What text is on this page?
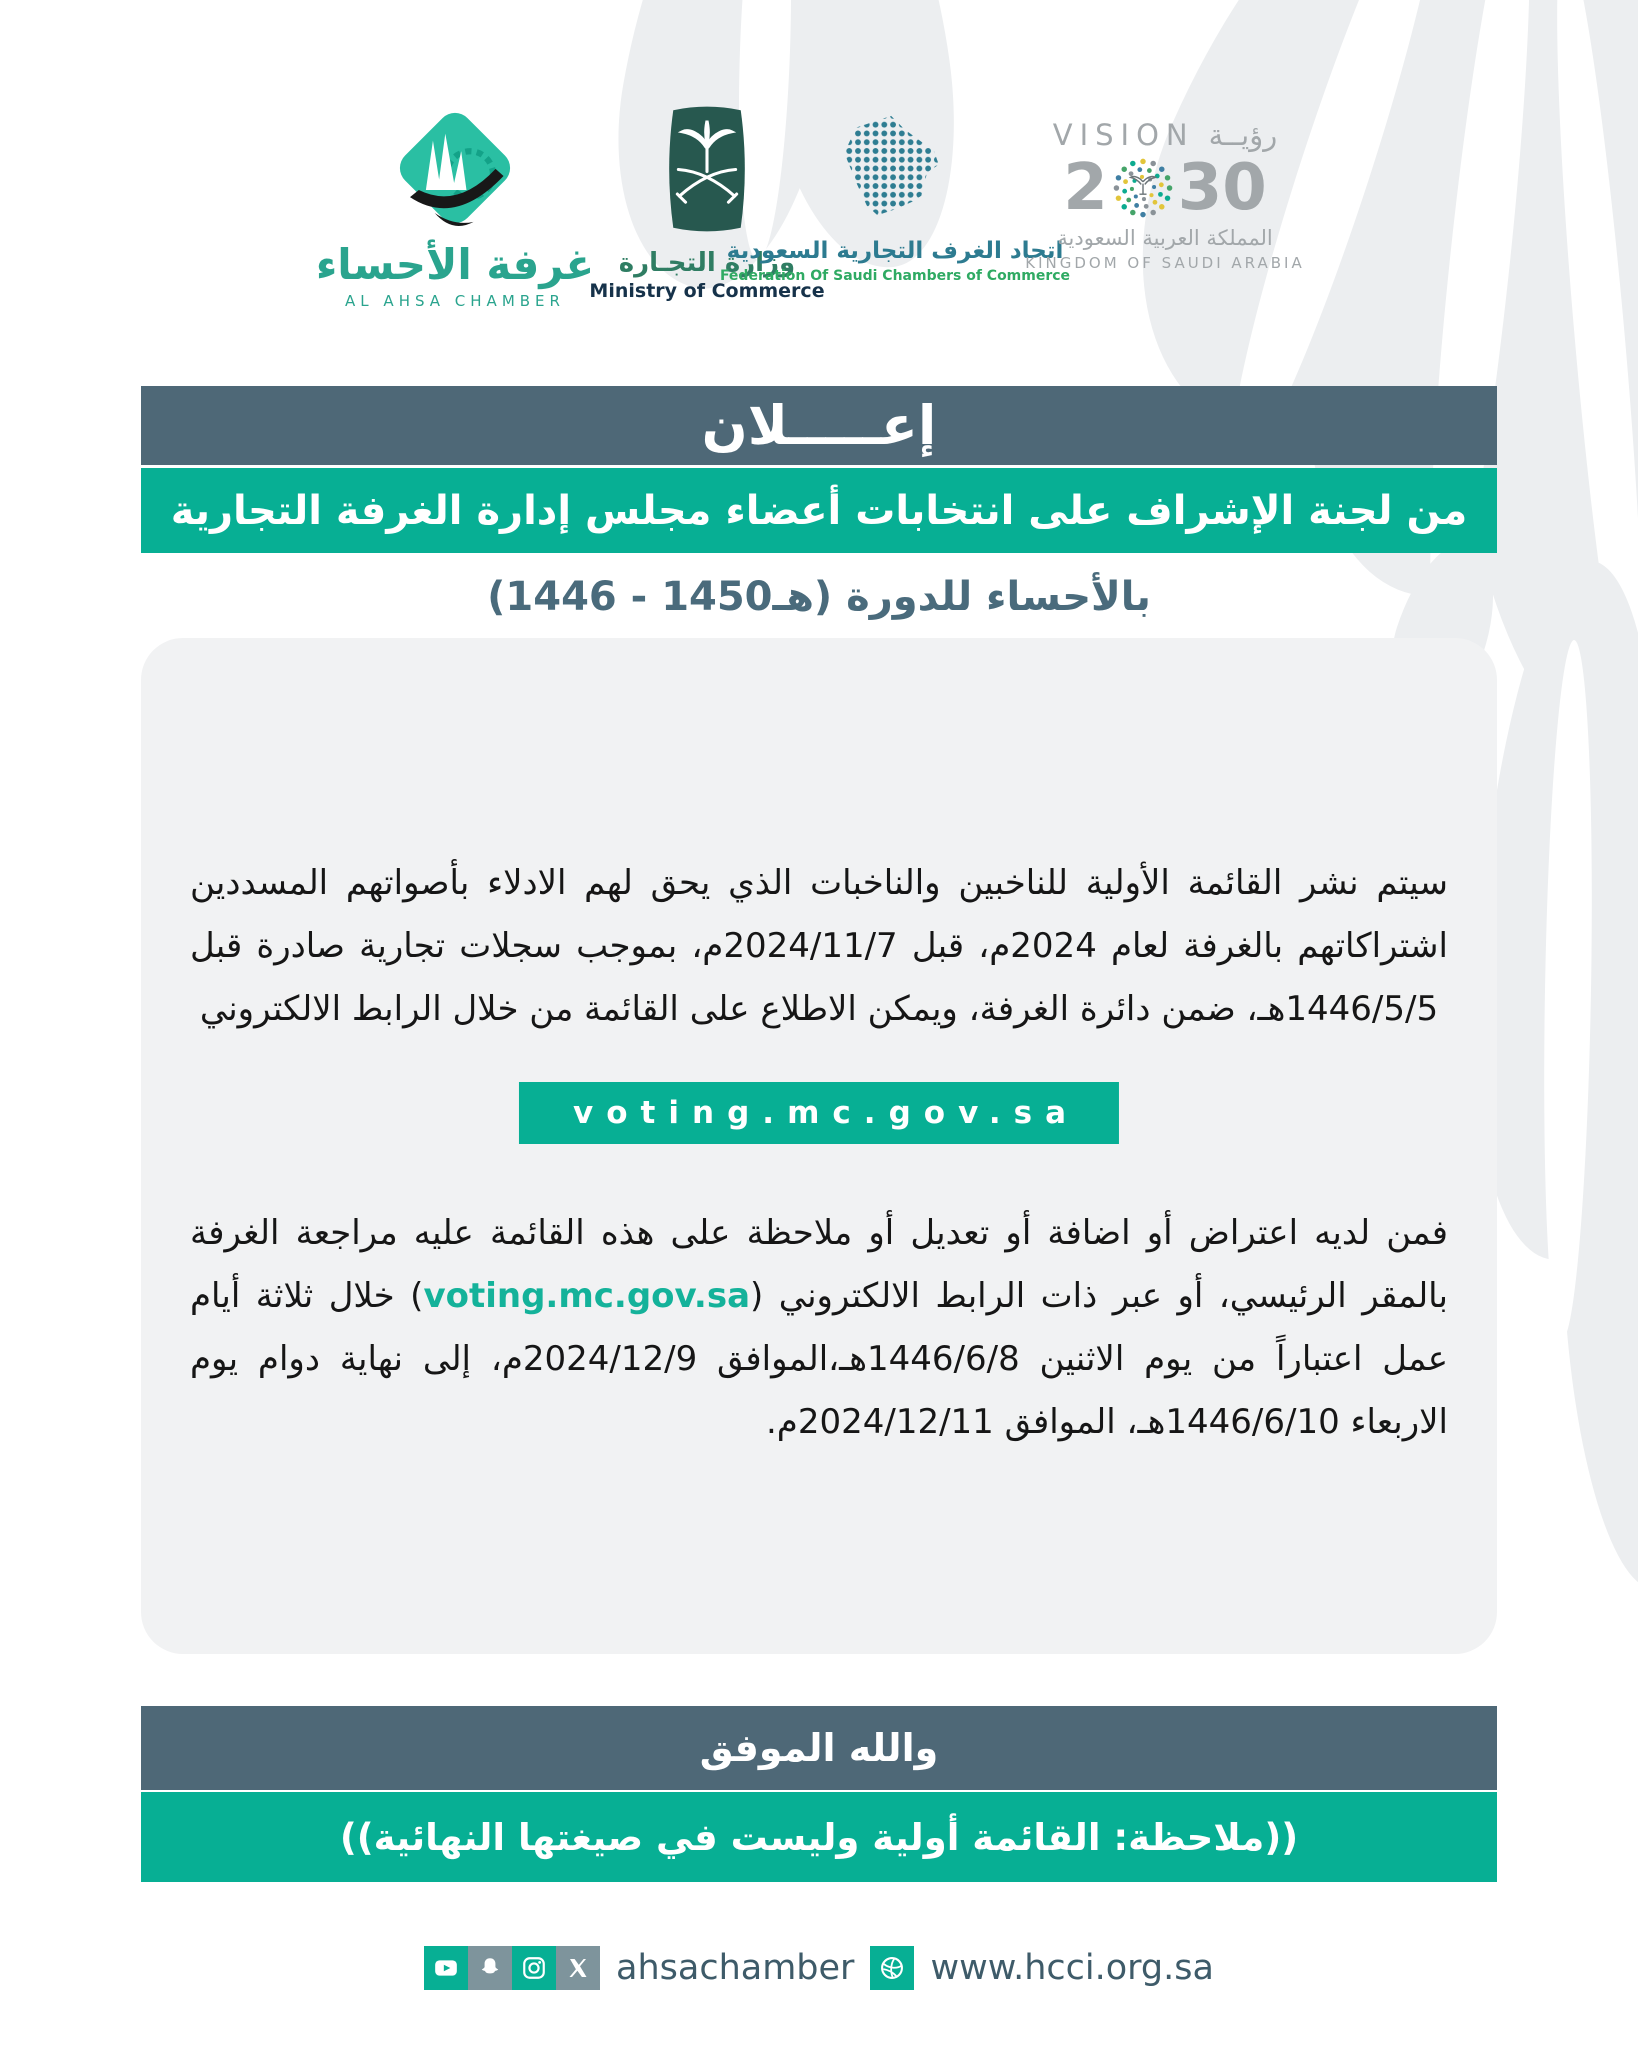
غرفة الأحساء
AL AHSA CHAMBER
وزارة التجـارة
Ministry of Commerce
اتحاد الغرف التجارية السعودية
Federation Of Saudi Chambers of Commerce
VISION رؤيــة
2 30
المملكة العربية السعودية
KINGDOM OF SAUDI ARABIA
إعـــــلان
من لجنة الإشراف على انتخابات أعضاء مجلس إدارة الغرفة التجارية
بالأحساء للدورة (1446 - 1450هـ)

سيتم نشر القائمة الأولية للناخبين والناخبات الذي يحق لهم الادلاء بأصواتهم المسددين اشتراكاتهم بالغرفة لعام 2024م، قبل 2024/11/7م، بموجب سجلات تجارية صادرة قبل 1446/5/5هـ، ضمن دائرة الغرفة، ويمكن الاطلاع على القائمة من خلال الرابط الالكتروني

voting.mc.gov.sa

فمن لديه اعتراض أو اضافة أو تعديل أو ملاحظة على هذه القائمة عليه مراجعة الغرفة بالمقر الرئيسي، أو عبر ذات الرابط الالكتروني (voting.mc.gov.sa) خلال ثلاثة أيام عمل اعتباراً من يوم الاثنين 1446/6/8هـ،الموافق 2024/12/9م، إلى نهاية دوام يوم الاربعاء 1446/6/10هـ، الموافق 2024/12/11م.

والله الموفق
((ملاحظة: القائمة أولية وليست في صيغتها النهائية))
ahsachamber www.hcci.org.sa
